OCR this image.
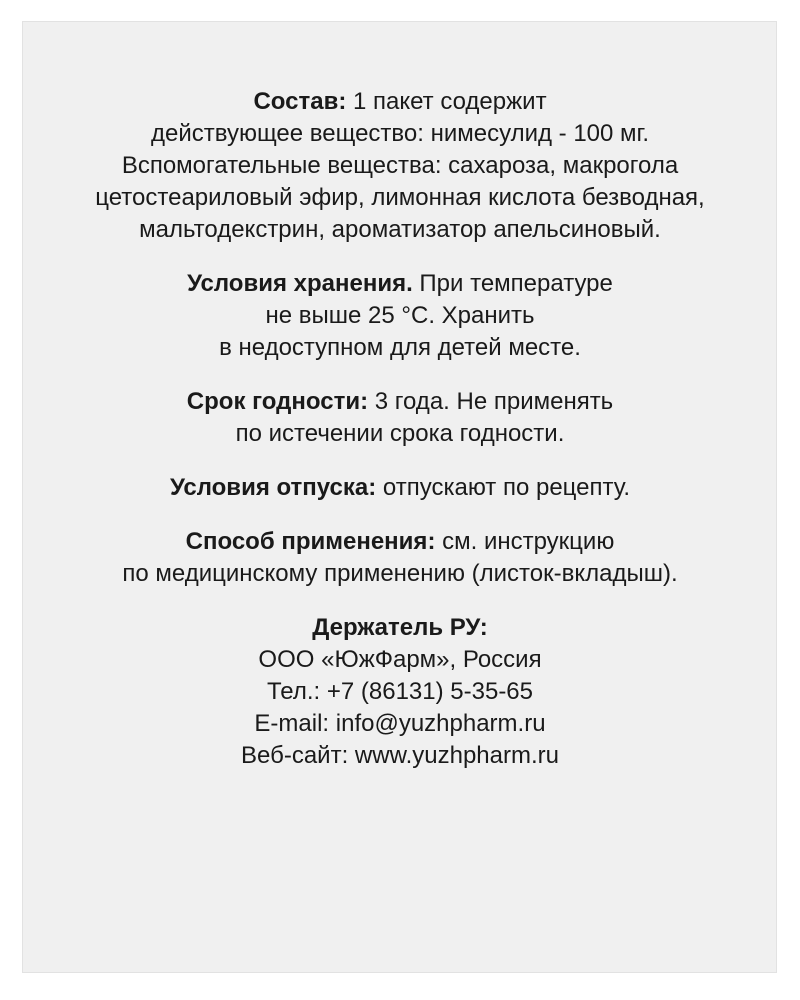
Состав: 1 пакет содержит
действующее вещество: нимесулид - 100 мг.
Вспомогательные вещества: сахароза, макрогола
цетостеариловый эфир, лимонная кислота безводная,
мальтодекстрин, ароматизатор апельсиновый.
Условия хранения. При температуре
не выше 25 °С. Хранить
в недоступном для детей месте.
Срок годности: 3 года. Не применять
по истечении срока годности.
Условия отпуска: отпускают по рецепту.
Способ применения: см. инструкцию
по медицинскому применению (листок-вкладыш).
Держатель РУ:
ООО «ЮжФарм», Россия
Тел.: +7 (86131) 5-35-65
E-mail: info@yuzhpharm.ru
Веб-сайт: www.yuzhpharm.ru
